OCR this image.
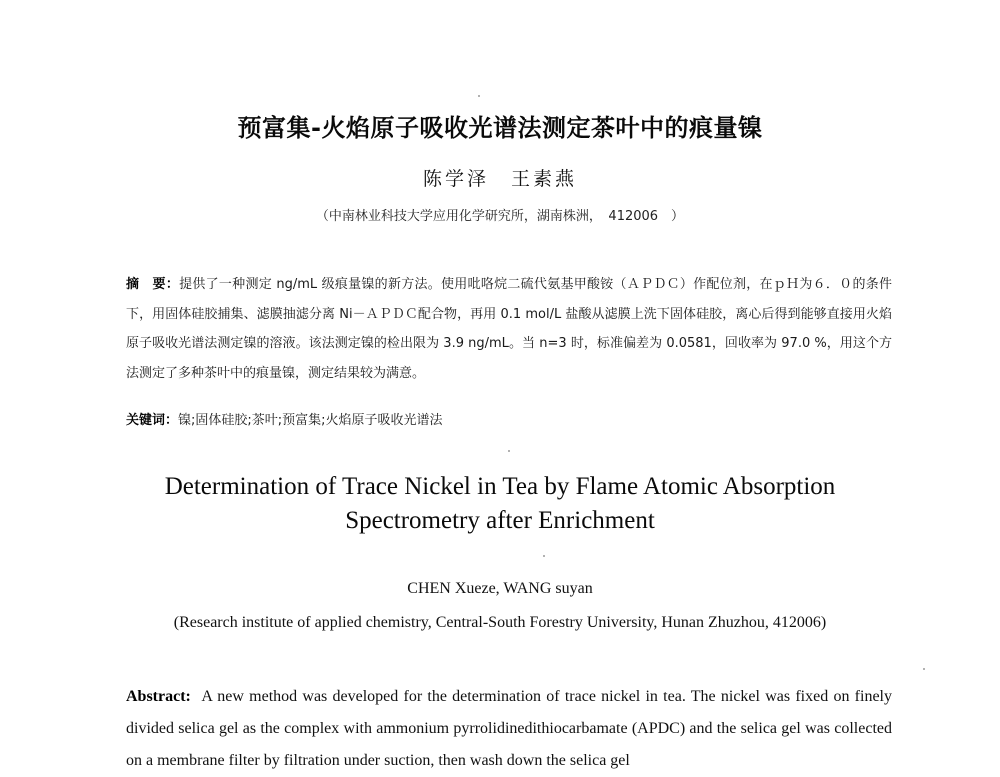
预富集-火焰原子吸收光谱法测定茶叶中的痕量镍
陈学泽　王素燕
（中南林业科技大学应用化学研究所，湖南株洲，　412006　）
摘　要：提供了一种测定 ng/mL 级痕量镍的新方法。使用吡咯烷二硫代氨基甲酸铵（ＡＰＤＣ）作配位剂，在ｐＨ为６．０的条件下，用固体硅胶捕集、滤膜抽滤分离 Ni－ＡＰＤＣ配合物，再用 0.1 mol/L 盐酸从滤膜上洗下固体硅胶，离心后得到能够直接用火焰原子吸收光谱法测定镍的溶液。该法测定镍的检出限为 3.9 ng/mL。当 n=3 时，标准偏差为 0.0581，回收率为 97.0 %，用这个方法测定了多种茶叶中的痕量镍，测定结果较为满意。
关键词：镍;固体硅胶;茶叶;预富集;火焰原子吸收光谱法
Determination of Trace Nickel in Tea by Flame Atomic Absorption Spectrometry after Enrichment
CHEN Xueze, WANG suyan
(Research institute of applied chemistry, Central-South Forestry University, Hunan Zhuzhou, 412006)
Abstract: A new method was developed for the determination of trace nickel in tea. The nickel was fixed on finely divided selica gel as the complex with ammonium pyrrolidinedithiocarbamate (APDC) and the selica gel was collected on a membrane filter by filtration under suction, then wash down the selica gel
